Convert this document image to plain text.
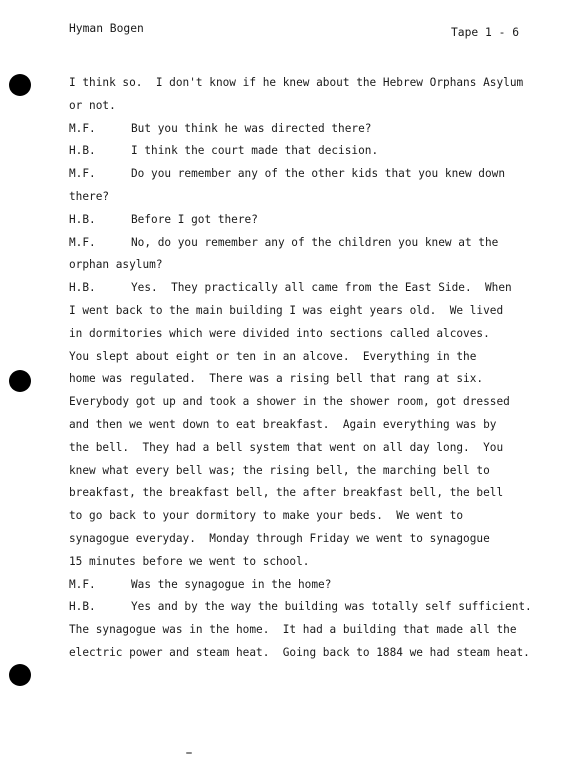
Hyman Bogen	Tape 1 - 6
I think so.  I don't know if he knew about the Hebrew Orphans Asylum
or not.
M.F.	But you think he was directed there?
H.B.	I think the court made that decision.
M.F.	Do you remember any of the other kids that you knew down
there?
H.B.	Before I got there?
M.F.	No, do you remember any of the children you knew at the
orphan asylum?
H.B.	Yes.  They practically all came from the East Side.  When
I went back to the main building I was eight years old.  We lived
in dormitories which were divided into sections called alcoves.
You slept about eight or ten in an alcove.  Everything in the
home was regulated.  There was a rising bell that rang at six.
Everybody got up and took a shower in the shower room, got dressed
and then we went down to eat breakfast.  Again everything was by
the bell.  They had a bell system that went on all day long.  You
knew what every bell was; the rising bell, the marching bell to
breakfast, the breakfast bell, the after breakfast bell, the bell
to go back to your dormitory to make your beds.  We went to
synagogue everyday.  Monday through Friday we went to synagogue
15 minutes before we went to school.
M.F.	Was the synagogue in the home?
H.B.	Yes and by the way the building was totally self sufficient.
The synagogue was in the home.  It had a building that made all the
electric power and steam heat.  Going back to 1884 we had steam heat.
